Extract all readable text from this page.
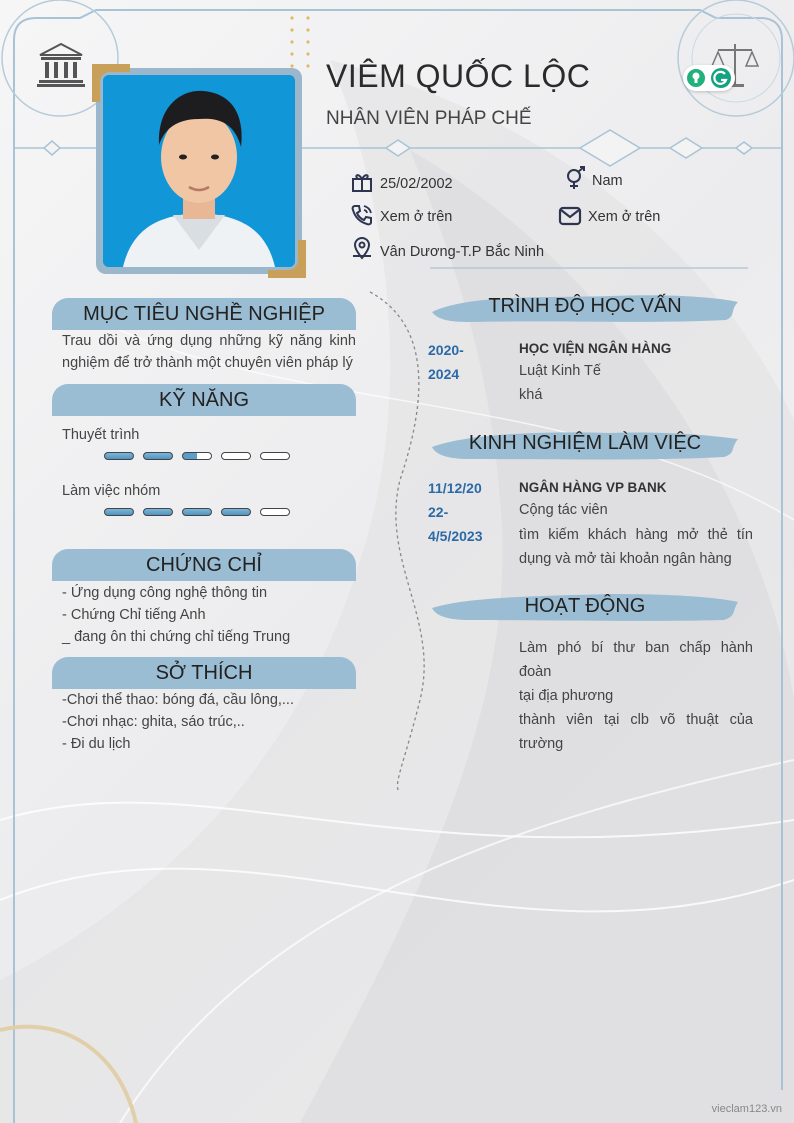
VIÊM QUỐC LỘC
NHÂN VIÊN PHÁP CHẾ
25/02/2002	Nam
Xem ở trên	Xem ở trên
Vân Dương-T.P Bắc Ninh
MỤC TIÊU NGHỀ NGHIỆP
Trau dồi và ứng dụng những kỹ năng kinh
nghiệm để trở thành một chuyên viên pháp lý
KỸ NĂNG
Thuyết trình
Làm việc nhóm
CHỨNG CHỈ
- Ứng dụng công nghệ thông tin
- Chứng Chỉ tiếng Anh
_ đang ôn thi chứng chỉ tiếng Trung
SỞ THÍCH
-Chơi thể thao: bóng đá, cầu lông,...
-Chơi nhạc: ghita, sáo trúc,..
- Đi du lịch
TRÌNH ĐỘ HỌC VẤN
2020-
2024
HỌC VIỆN NGÂN HÀNG
Luật Kinh Tế
khá
KINH NGHIỆM LÀM VIỆC
11/12/20
22-
4/5/2023
NGÂN HÀNG VP BANK
Cộng tác viên
tìm kiếm khách hàng mở thẻ tín
dụng và mở tài khoản ngân hàng
HOẠT ĐỘNG
Làm phó bí thư ban chấp hành đoàn
tại địa phương
thành viên tại clb võ thuật của
trường
vieclam123.vn
